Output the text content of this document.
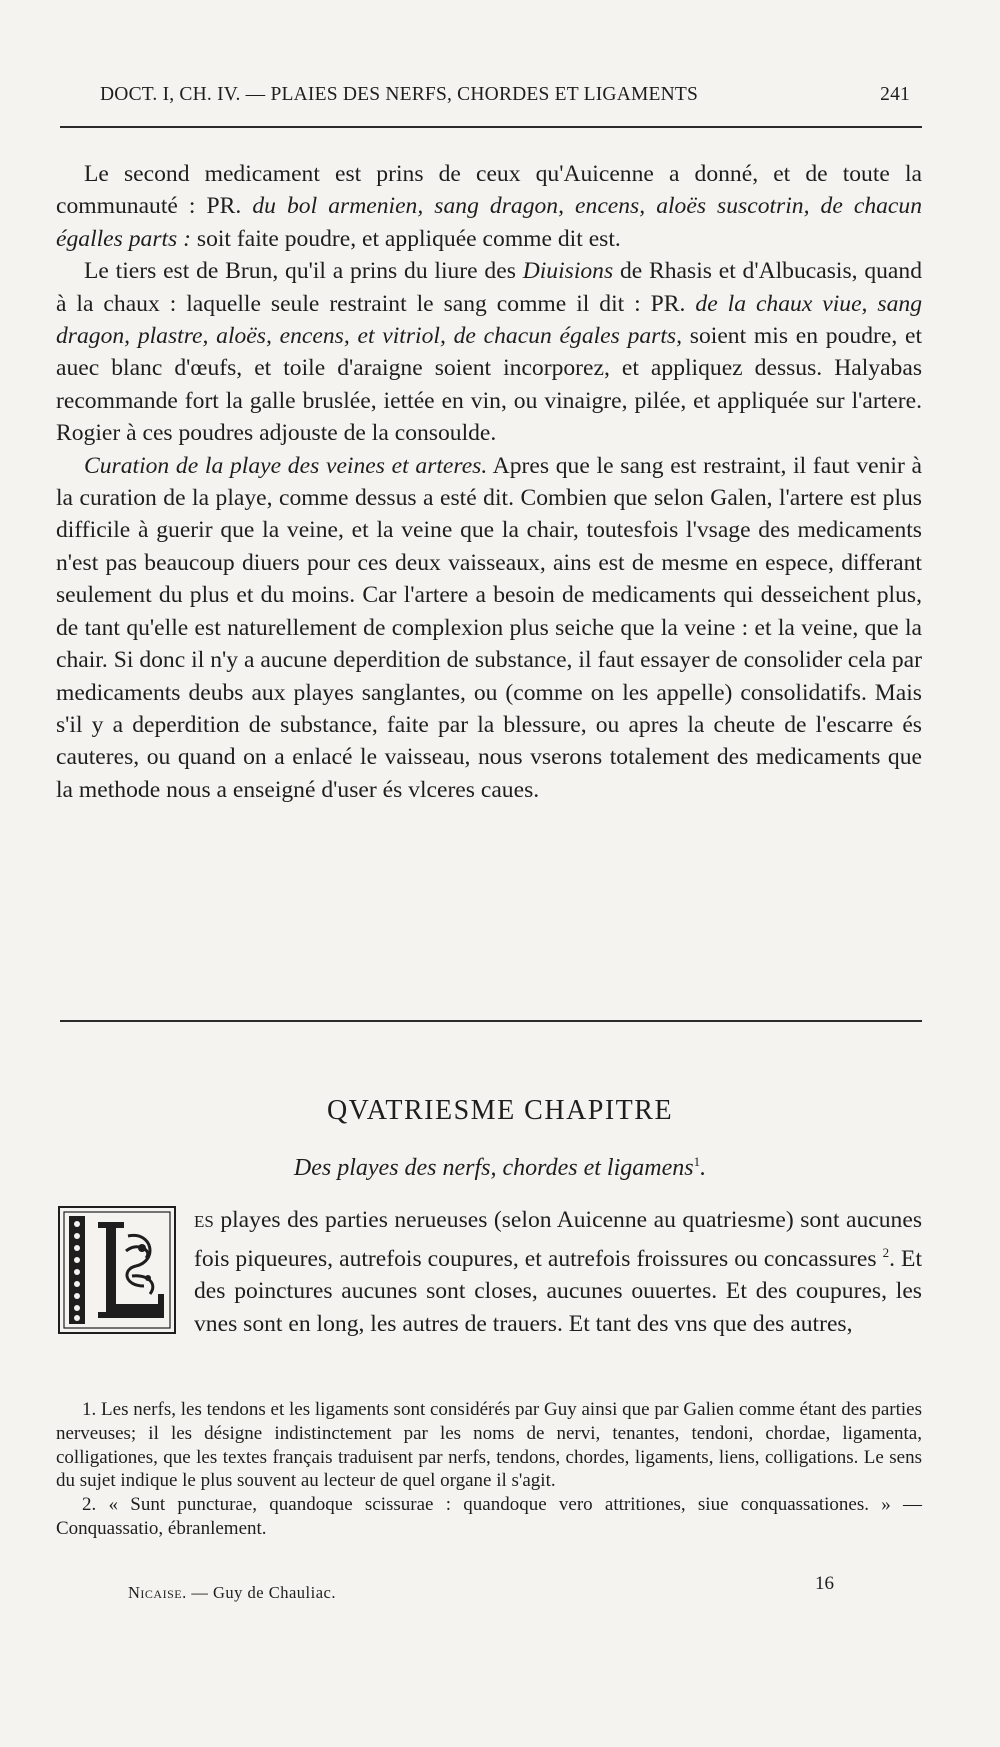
DOCT. I, CH. IV. — PLAIES DES NERFS, CHORDES ET LIGAMENTS	241

Le second medicament est prins de ceux qu'Auicenne a donné, et de toute la communauté : PR. du bol armenien, sang dragon, encens, aloës suscotrin, de chacun égalles parts : soit faite poudre, et appliquée comme dit est.

Le tiers est de Brun, qu'il a prins du liure des Diuisions de Rhasis et d'Albucasis, quand à la chaux : laquelle seule restraint le sang comme il dit : PR. de la chaux viue, sang dragon, plastre, aloës, encens, et vitriol, de chacun égales parts, soient mis en poudre, et auec blanc d'œufs, et toile d'araigne soient incorporez, et appliquez dessus. Halyabas recommande fort la galle bruslée, iettée en vin, ou vinaigre, pilée, et appliquée sur l'artere. Rogier à ces poudres adjouste de la consoulde.

Curation de la playe des veines et arteres. Apres que le sang est restraint, il faut venir à la curation de la playe, comme dessus a esté dit. Combien que selon Galen, l'artere est plus difficile à guerir que la veine, et la veine que la chair, toutesfois l'vsage des medicaments n'est pas beaucoup diuers pour ces deux vaisseaux, ains est de mesme en espece, differant seulement du plus et du moins. Car l'artere a besoin de medicaments qui desseichent plus, de tant qu'elle est naturellement de complexion plus seiche que la veine : et la veine, que la chair. Si donc il n'y a aucune deperdition de substance, il faut essayer de consolider cela par medicaments deubs aux playes sanglantes, ou (comme on les appelle) consolidatifs. Mais s'il y a deperdition de substance, faite par la blessure, ou apres la cheute de l'escarre és cauteres, ou quand on a enlacé le vaisseau, nous vserons totalement des medicaments que la methode nous a enseigné d'user és vlceres caues.

QVATRIESME CHAPITRE
Des playes des nerfs, chordes et ligamens$^1$.
es playes des parties nerueuses (selon Auicenne au quatriesme) sont aucunes fois piqueures, autrefois coupures, et autrefois froissures ou concassures $^2$. Et des poinctures aucunes sont closes, aucunes ouuertes. Et des coupures, les vnes sont en long, les autres de trauers. Et tant des vns que des autres,

1. Les nerfs, les tendons et les ligaments sont considérés par Guy ainsi que par Galien comme étant des parties nerveuses; il les désigne indistinctement par les noms de nervi, tenantes, tendoni, chordae, ligamenta, colligationes, que les textes français traduisent par nerfs, tendons, chordes, ligaments, liens, colligations. Le sens du sujet indique le plus souvent au lecteur de quel organe il s'agit.

2. « Sunt puncturae, quandoque scissurae : quandoque vero attritiones, siue conquassationes. » — Conquassatio, ébranlement.

Nicaise. — Guy de Chauliac.	16
